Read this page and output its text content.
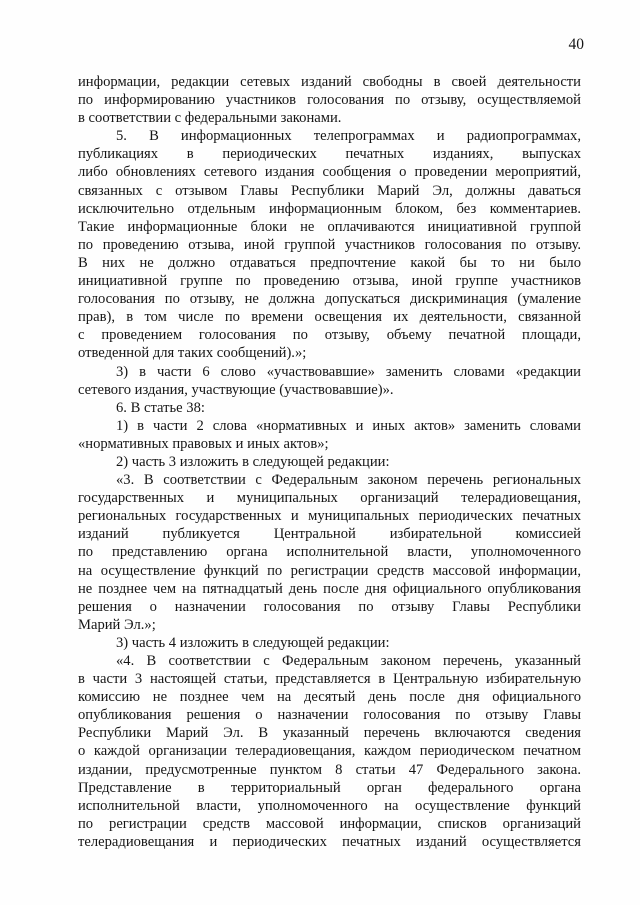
40
информации, редакции сетевых изданий свободны в своей деятельности
по информированию участников голосования по отзыву, осуществляемой
в соответствии с федеральными законами.
5. В информационных телепрограммах и радиопрограммах,
публикациях в периодических печатных изданиях, выпусках
либо обновлениях сетевого издания сообщения о проведении мероприятий,
связанных с отзывом Главы Республики Марий Эл, должны даваться
исключительно отдельным информационным блоком, без комментариев.
Такие информационные блоки не оплачиваются инициативной группой
по проведению отзыва, иной группой участников голосования по отзыву.
В них не должно отдаваться предпочтение какой бы то ни было
инициативной группе по проведению отзыва, иной группе участников
голосования по отзыву, не должна допускаться дискриминация (умаление
прав), в том числе по времени освещения их деятельности, связанной
с проведением голосования по отзыву, объему печатной площади,
отведенной для таких сообщений).»;
3) в части 6 слово «участвовавшие» заменить словами «редакции
сетевого издания, участвующие (участвовавшие)».
6. В статье 38:
1) в части 2 слова «нормативных и иных актов» заменить словами
«нормативных правовых и иных актов»;
2) часть 3 изложить в следующей редакции:
«3. В соответствии с Федеральным законом перечень региональных
государственных и муниципальных организаций телерадиовещания,
региональных государственных и муниципальных периодических печатных
изданий публикуется Центральной избирательной комиссией
по представлению органа исполнительной власти, уполномоченного
на осуществление функций по регистрации средств массовой информации,
не позднее чем на пятнадцатый день после дня официального опубликования
решения о назначении голосования по отзыву Главы Республики
Марий Эл.»;
3) часть 4 изложить в следующей редакции:
«4. В соответствии с Федеральным законом перечень, указанный
в части 3 настоящей статьи, представляется в Центральную избирательную
комиссию не позднее чем на десятый день после дня официального
опубликования решения о назначении голосования по отзыву Главы
Республики Марий Эл. В указанный перечень включаются сведения
о каждой организации телерадиовещания, каждом периодическом печатном
издании, предусмотренные пунктом 8 статьи 47 Федерального закона.
Представление в территориальный орган федерального органа
исполнительной власти, уполномоченного на осуществление функций
по регистрации средств массовой информации, списков организаций
телерадиовещания и периодических печатных изданий осуществляется
